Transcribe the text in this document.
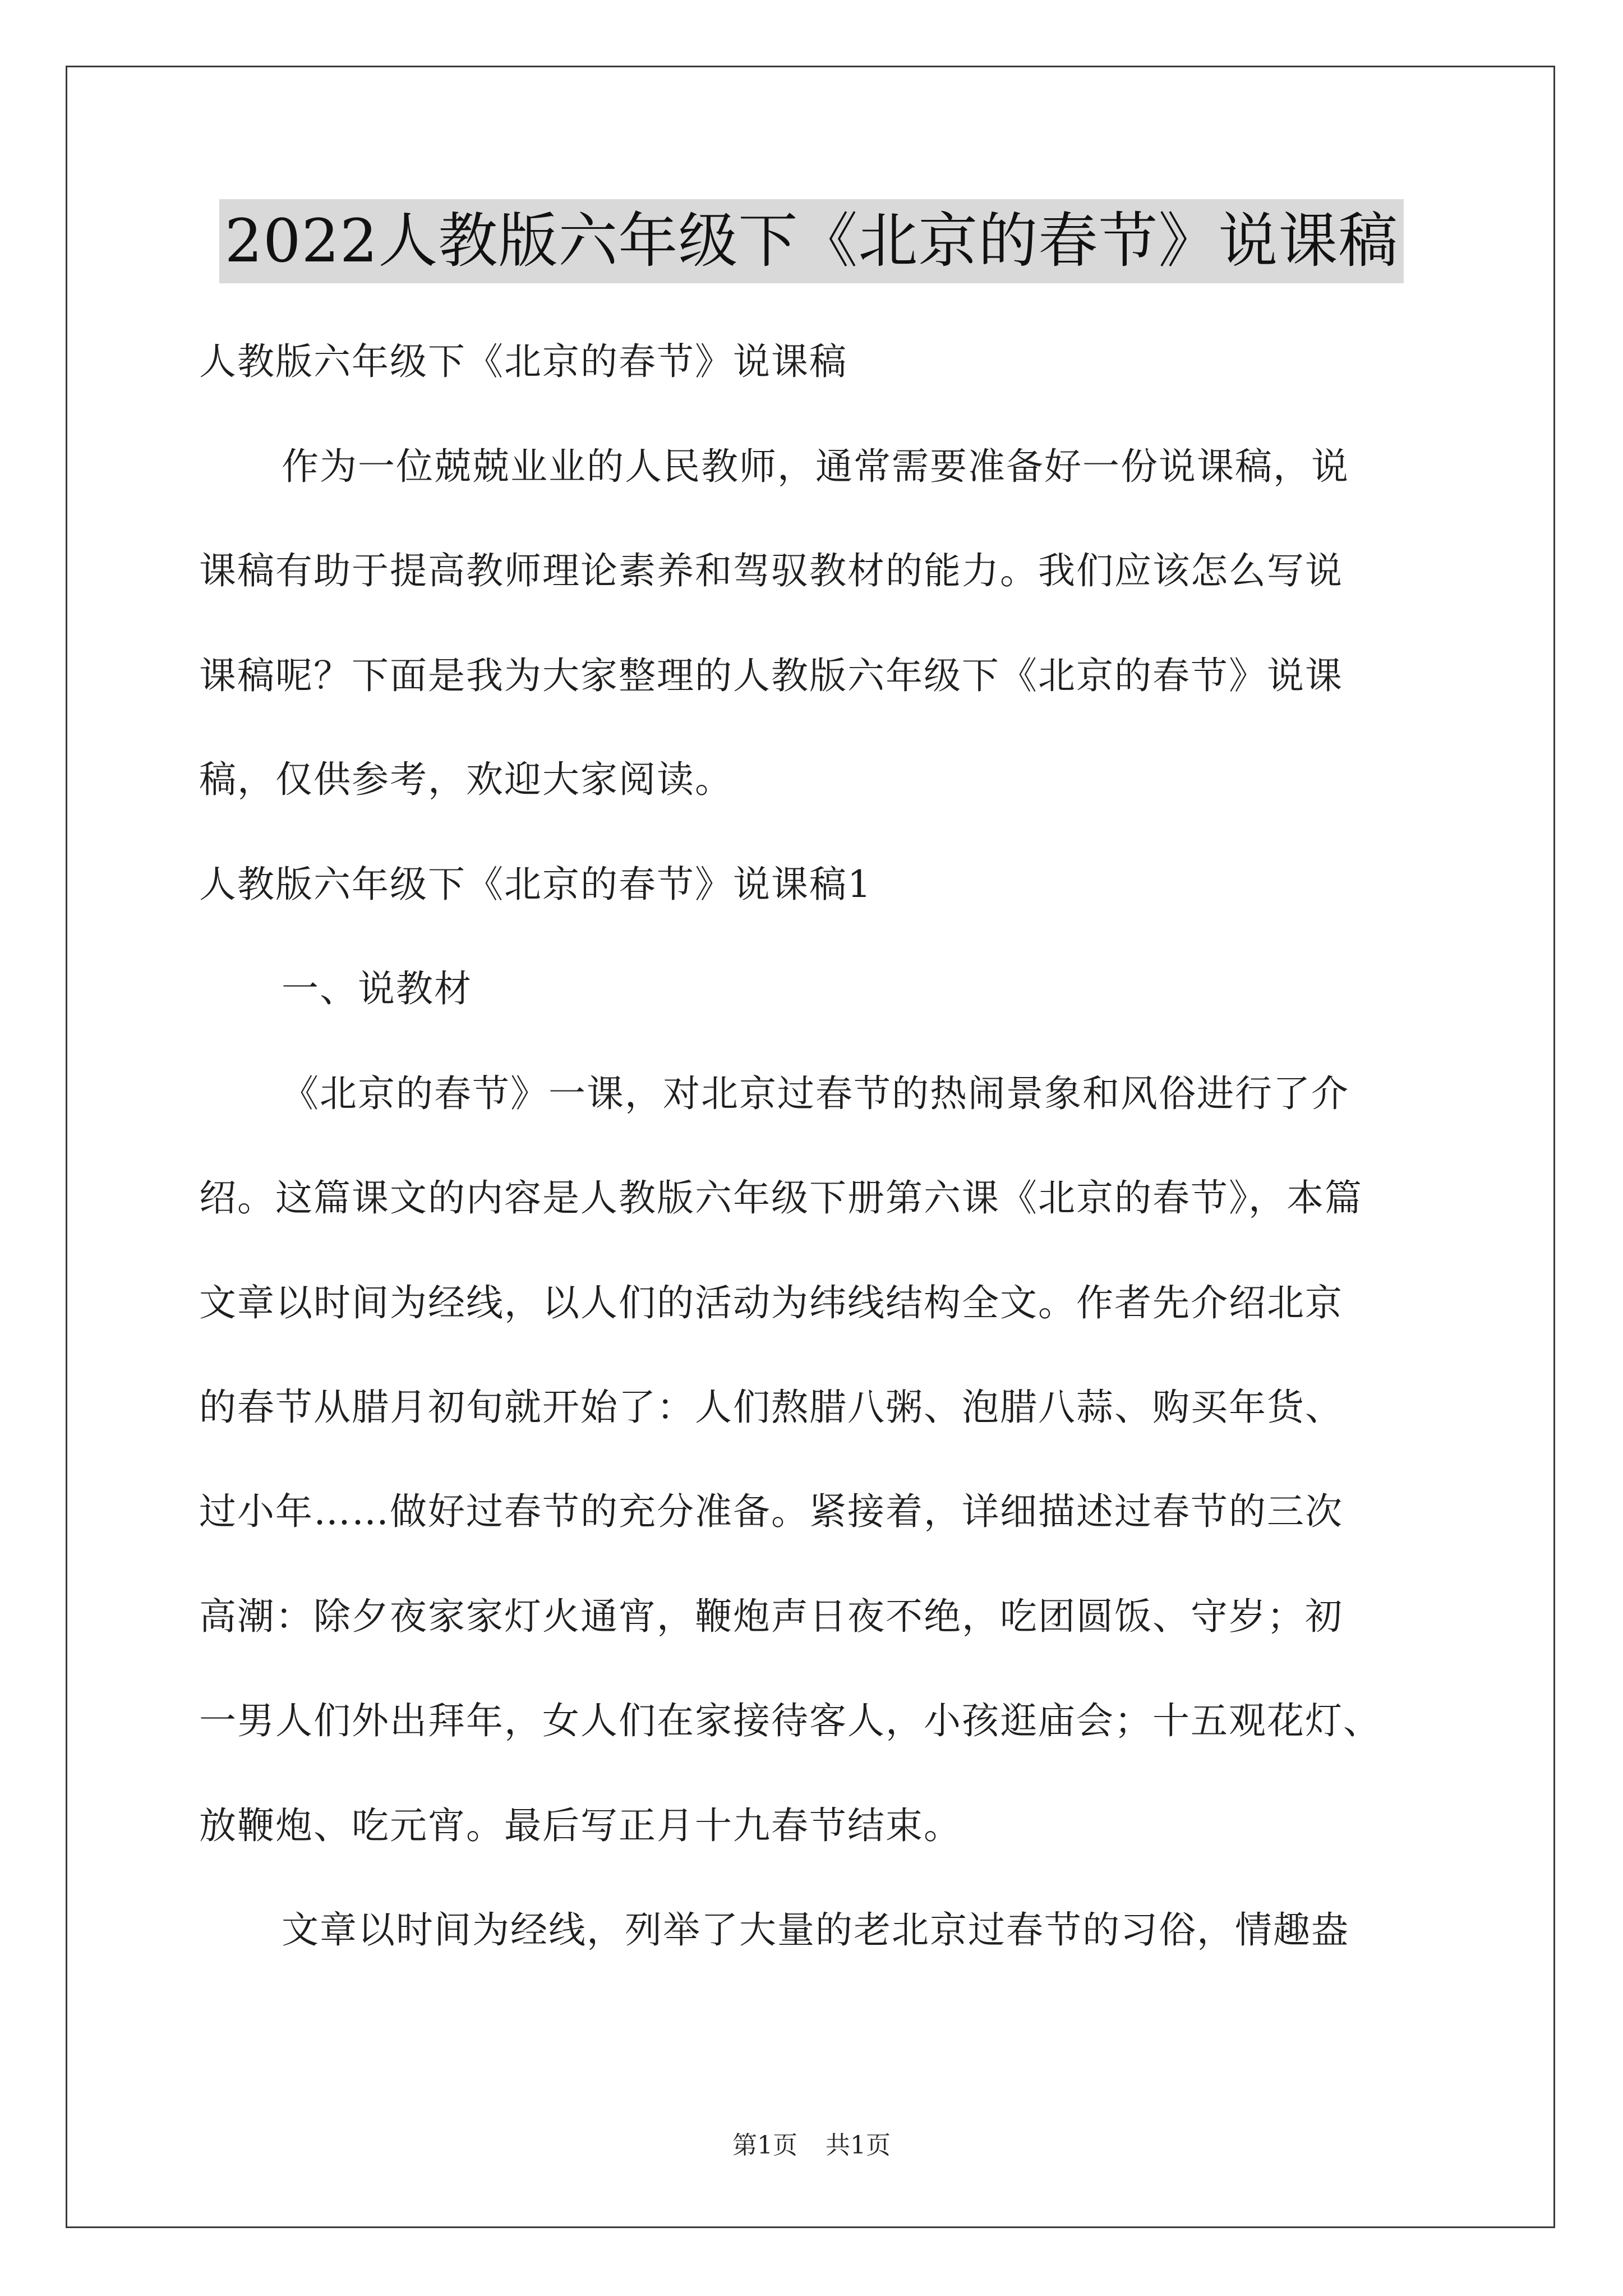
2022人教版六年级下《北京的春节》说课稿
人教版六年级下《北京的春节》说课稿
作为一位兢兢业业的人民教师，通常需要准备好一份说课稿，说
课稿有助于提高教师理论素养和驾驭教材的能力。我们应该怎么写说
课稿呢？下面是我为大家整理的人教版六年级下《北京的春节》说课
稿，仅供参考，欢迎大家阅读。
人教版六年级下《北京的春节》说课稿1
一、说教材
《北京的春节》一课，对北京过春节的热闹景象和风俗进行了介
绍。这篇课文的内容是人教版六年级下册第六课《北京的春节》，本篇
文章以时间为经线，以人们的活动为纬线结构全文。作者先介绍北京
的春节从腊月初旬就开始了：人们熬腊八粥、泡腊八蒜、购买年货、
过小年……做好过春节的充分准备。紧接着，详细描述过春节的三次
高潮：除夕夜家家灯火通宵，鞭炮声日夜不绝，吃团圆饭、守岁；初
一男人们外出拜年，女人们在家接待客人，小孩逛庙会；十五观花灯、
放鞭炮、吃元宵。最后写正月十九春节结束。
文章以时间为经线，列举了大量的老北京过春节的习俗，情趣盎
第1页 共1页
